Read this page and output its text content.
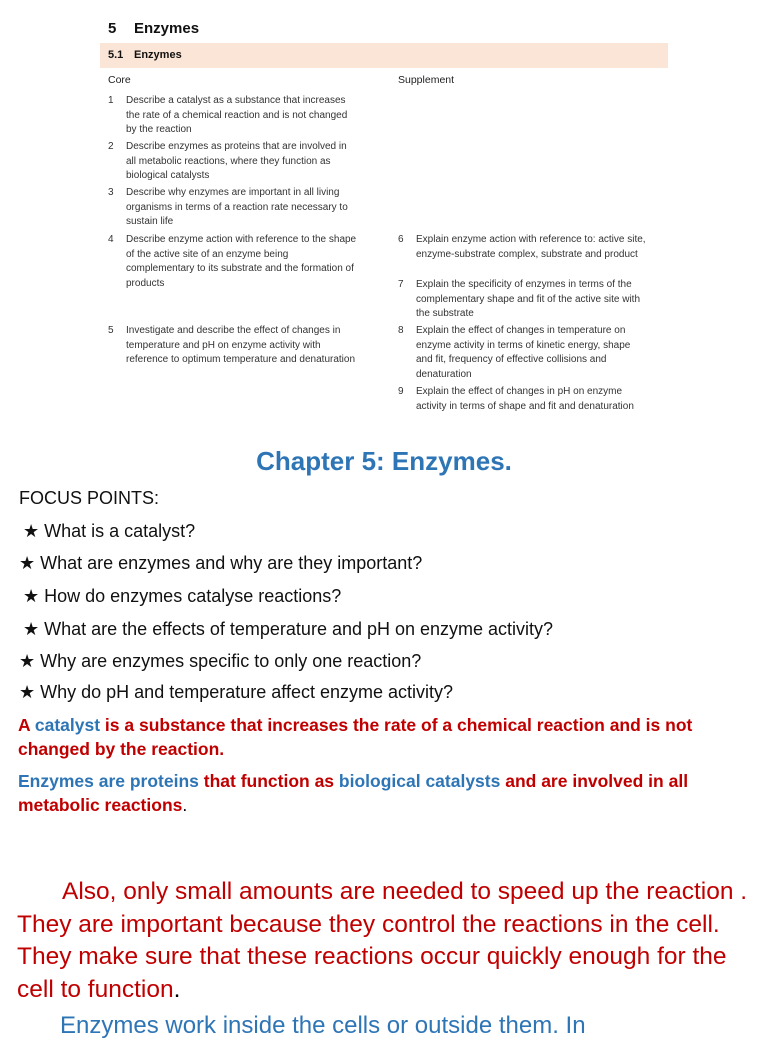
5 Enzymes
5.1 Enzymes
Core	Supplement
1 Describe a catalyst as a substance that increases the rate of a chemical reaction and is not changed by the reaction
2 Describe enzymes as proteins that are involved in all metabolic reactions, where they function as biological catalysts
3 Describe why enzymes are important in all living organisms in terms of a reaction rate necessary to sustain life
4 Describe enzyme action with reference to the shape of the active site of an enzyme being complementary to its substrate and the formation of products
5 Investigate and describe the effect of changes in temperature and pH on enzyme activity with reference to optimum temperature and denaturation
6 Explain enzyme action with reference to: active site, enzyme-substrate complex, substrate and product
7 Explain the specificity of enzymes in terms of the complementary shape and fit of the active site with the substrate
8 Explain the effect of changes in temperature on enzyme activity in terms of kinetic energy, shape and fit, frequency of effective collisions and denaturation
9 Explain the effect of changes in pH on enzyme activity in terms of shape and fit and denaturation
Chapter 5: Enzymes.
FOCUS POINTS:
★ What is a catalyst?
★ What are enzymes and why are they important?
★ How do enzymes catalyse reactions?
★ What are the effects of temperature and pH on enzyme activity?
★ Why are enzymes specific to only one reaction?
★ Why do pH and temperature affect enzyme activity?
A catalyst is a substance that increases the rate of a chemical reaction and is not changed by the reaction.
Enzymes are proteins that function as biological catalysts and are involved in all metabolic reactions.
Also, only small amounts are needed to speed up the reaction . They are important because they control the reactions in the cell. They make sure that these reactions occur quickly enough for the cell to function.
Enzymes work inside the cells or outside them. In
